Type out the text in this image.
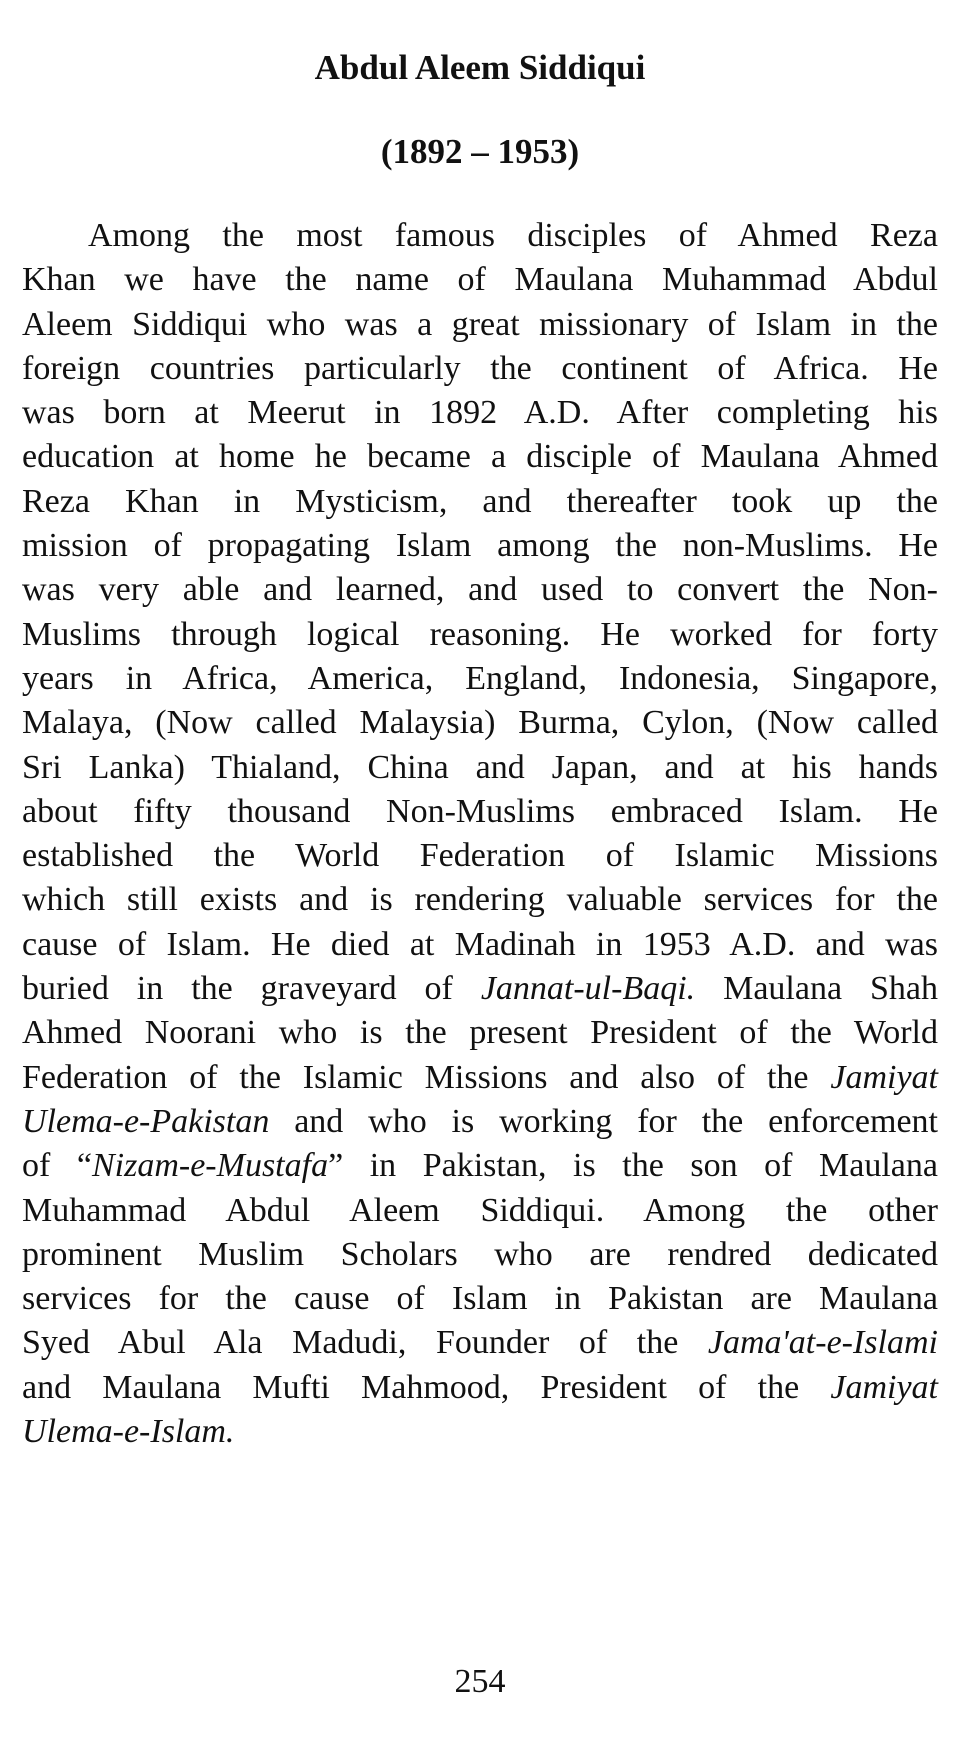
Abdul Aleem Siddiqui
(1892 – 1953)
Among the most famous disciples of Ahmed Reza
Khan we have the name of Maulana Muhammad Abdul
Aleem Siddiqui who was a great missionary of Islam in the
foreign countries particularly the continent of Africa. He
was born at Meerut in 1892 A.D. After completing his
education at home he became a disciple of Maulana Ahmed
Reza Khan in Mysticism, and thereafter took up the
mission of propagating Islam among the non-Muslims. He
was very able and learned, and used to convert the Non-
Muslims through logical reasoning. He worked for forty
years in Africa, America, England, Indonesia, Singapore,
Malaya, (Now called Malaysia) Burma, Cylon, (Now called
Sri Lanka) Thialand, China and Japan, and at his hands
about fifty thousand Non-Muslims embraced Islam. He
established the World Federation of Islamic Missions
which still exists and is rendering valuable services for the
cause of Islam. He died at Madinah in 1953 A.D. and was
buried in the graveyard of Jannat-ul-Baqi. Maulana Shah
Ahmed Noorani who is the present President of the World
Federation of the Islamic Missions and also of the Jamiyat
Ulema-e-Pakistan and who is working for the enforcement
of “Nizam-e-Mustafa” in Pakistan, is the son of Maulana
Muhammad Abdul Aleem Siddiqui. Among the other
prominent Muslim Scholars who are rendred dedicated
services for the cause of Islam in Pakistan are Maulana
Syed Abul Ala Madudi, Founder of the Jama'at-e-Islami
and Maulana Mufti Mahmood, President of the Jamiyat
Ulema-e-Islam.
254
